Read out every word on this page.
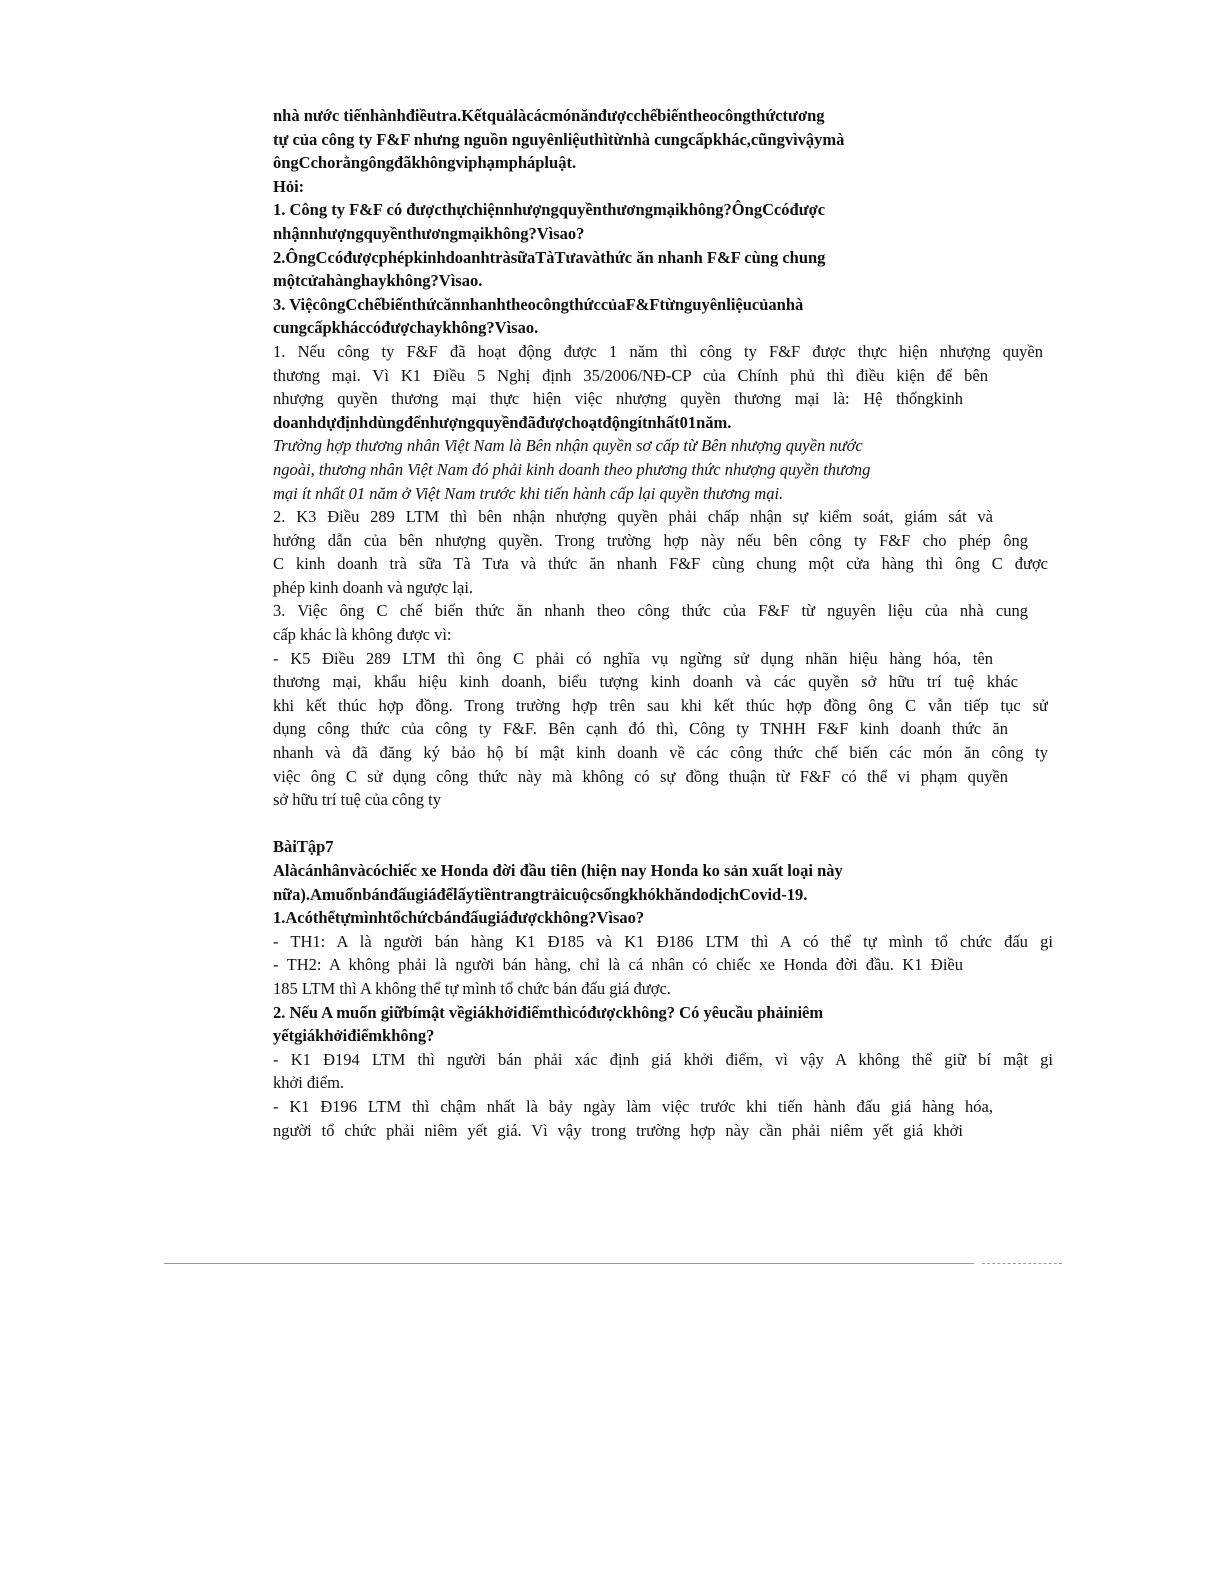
nhà nước tiếnhànhđiềutra.Kếtquảlàcácmónănđượcchếbiếntheocôngthứctương
tự của công ty F&F nhưng nguồn nguyênliệuthìtừnhà cungcấpkhác,cũngvìvậymà
ôngCchorằngôngđãkhôngviphạmphápluật.
Hỏi:
1. Công ty F&F có đượcthựchiệnnhượngquyềnthươngmạikhông?ÔngCcóđược
nhậnnhượngquyềnthươngmạikhông?Vìsao?
2.ÔngCcóđượcphépkinhdoanhtràsữaTàTưavàthức ăn nhanh F&F cùng chung
mộtcửahànghaykhông?Vìsao.
3. ViệcôngCchếbiếnthứcănnhanhtheocôngthứccủaF&Ftừnguyênliệucủanhà
cungcấpkháccóđượchaykhông?Vìsao.
1. Nếu công ty F&F đã hoạt động được 1 năm thì công ty F&F được thực hiện nhượng quyền
thương mại. Vì K1 Điều 5 Nghị định 35/2006/NĐ-CP của Chính phủ thì điều kiện để bên
nhượng quyền thương mại thực hiện việc nhượng quyền thương mại là: Hệ thốngkinh
doanhdựđịnhdùngđểnhượngquyềnđãđượchoạtđộngítnhất01năm.
Trường hợp thương nhân Việt Nam là Bên nhận quyền sơ cấp từ Bên nhượng quyền nước
ngoài, thương nhân Việt Nam đó phải kinh doanh theo phương thức nhượng quyền thương
mại ít nhất 01 năm ở Việt Nam trước khi tiến hành cấp lại quyền thương mại.
2. K3 Điều 289 LTM thì bên nhận nhượng quyền phải chấp nhận sự kiểm soát, giám sát và
hướng dẫn của bên nhượng quyền. Trong trường hợp này nếu bên công ty F&F cho phép ông
C kinh doanh trà sữa Tà Tưa và thức ăn nhanh F&F cùng chung một cửa hàng thì ông C được
phép kinh doanh và ngược lại.
3. Việc ông C chế biến thức ăn nhanh theo công thức của F&F từ nguyên liệu của nhà cung
cấp khác là không được vì:
- K5 Điều 289 LTM thì ông C phải có nghĩa vụ ngừng sử dụng nhãn hiệu hàng hóa, tên
thương mại, khẩu hiệu kinh doanh, biểu tượng kinh doanh và các quyền sở hữu trí tuệ khác
khi kết thúc hợp đồng. Trong trường hợp trên sau khi kết thúc hợp đồng ông C vẫn tiếp tục sử
dụng công thức của công ty F&F. Bên cạnh đó thì, Công ty TNHH F&F kinh doanh thức ăn
nhanh và đã đăng ký bảo hộ bí mật kinh doanh về các công thức chế biến các món ăn công ty
việc ông C sử dụng công thức này mà không có sự đồng thuận từ F&F có thể vi phạm quyền
sở hữu trí tuệ của công ty
BàiTập7
Alàcánhânvàcóchiếc xe Honda đời đầu tiên (hiện nay Honda ko sản xuất loại này
nữa).AmuốnbánđấugiáđểlấytiềntrangtrảicuộcsốngkhókhăndodịchCovid-19.
1.Acóthểtựmìnhtổchứcbánđấugiáđượckhông?Vìsao?
- TH1: A là người bán hàng K1 Đ185 và K1 Đ186 LTM thì A có thể tự mình tổ chức đấu gi
- TH2: A không phải là người bán hàng, chỉ là cá nhân có chiếc xe Honda đời đầu. K1 Điều
185 LTM thì A không thể tự mình tổ chức bán đấu giá được.
2. Nếu A muốn giữbímật vềgiákhởiđiểmthìcóđượckhông? Có yêucầu phảiniêm
yếtgiákhởiđiểmkhông?
- K1 Đ194 LTM thì người bán phải xác định giá khởi điểm, vì vậy A không thể giữ bí mật gi
khởi điểm.
- K1 Đ196 LTM thì chậm nhất là bảy ngày làm việc trước khi tiến hành đấu giá hàng hóa,
người tổ chức phải niêm yết giá. Vì vậy trong trường hợp này cần phải niêm yết giá khởi
